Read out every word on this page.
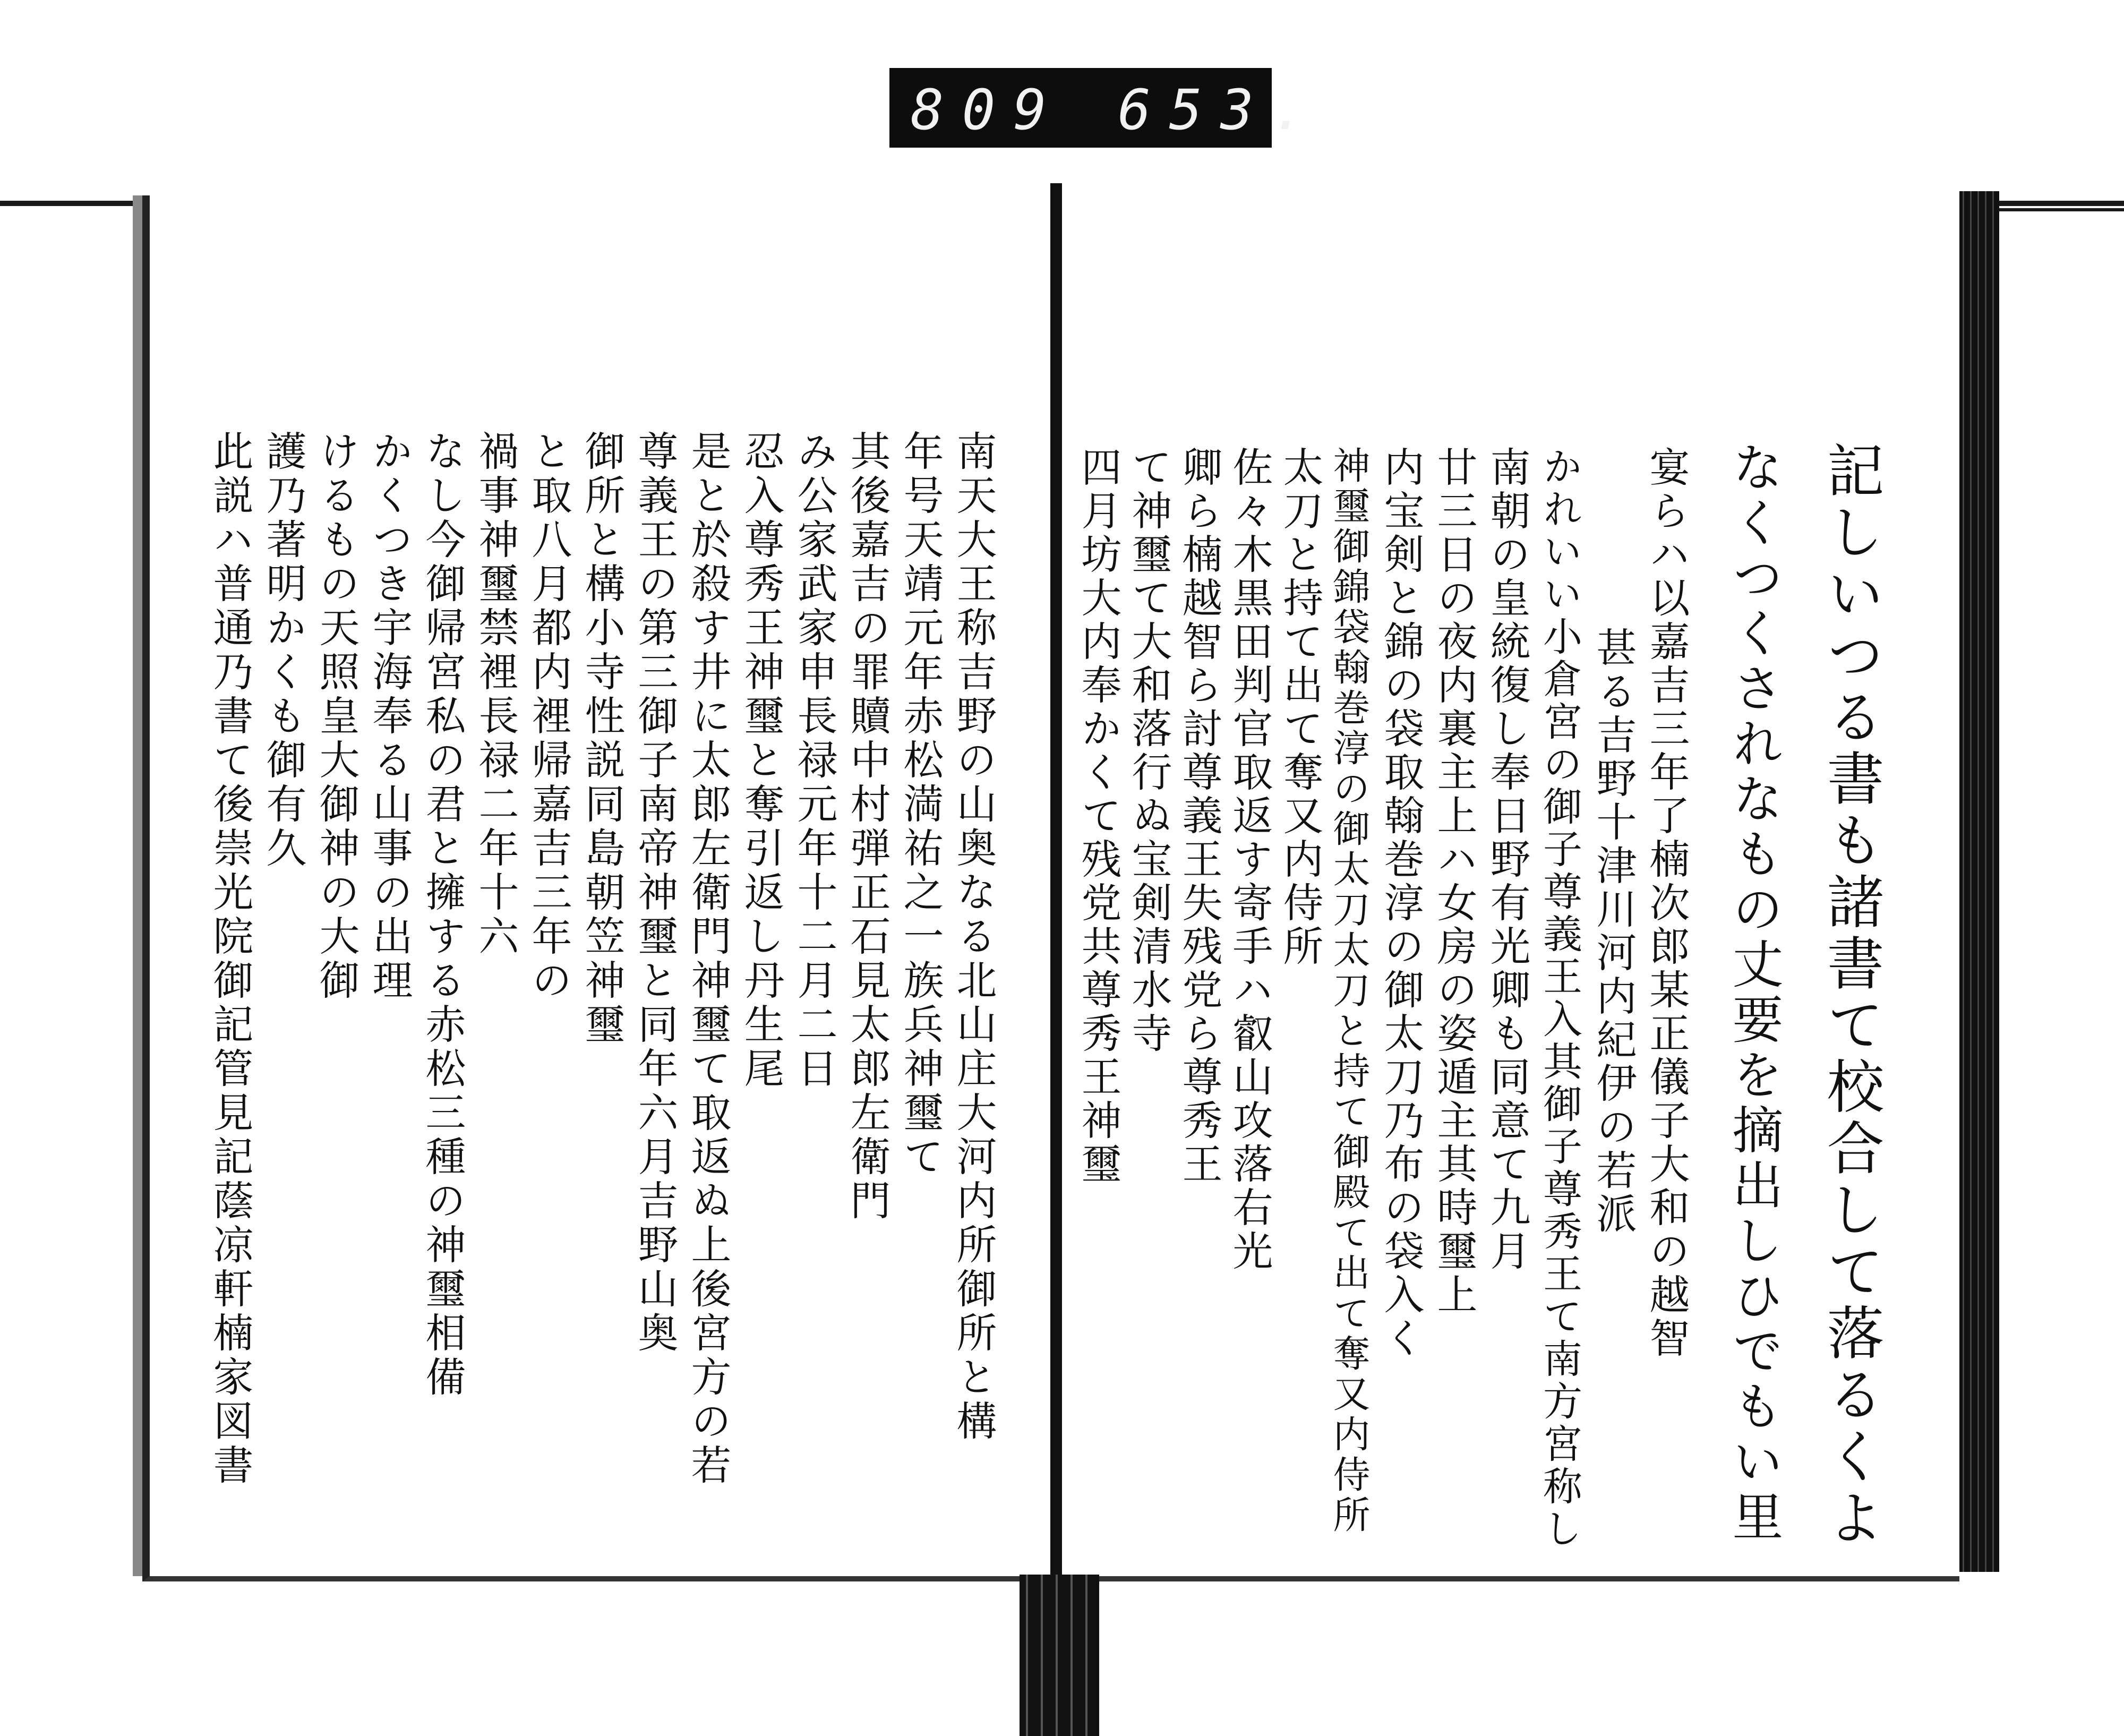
809 653.
記しいつる書も諸書て校合して落るくよ
なくつくされなもの丈要を摘出しひでもい里
宴らハ以嘉吉三年了楠次郎某正儀子大和の越智
甚る吉野十津川河内紀伊の若派
かれいい小倉宮の御子尊義王入其御子尊秀王て南方宮称し
南朝の皇統復し奉日野有光卿も同意て九月
廿三日の夜内裏主上ハ女房の姿遁主其時璽上
内宝剣と錦の袋取翰巻淳の御太刀乃布の袋入く
神璽御錦袋翰巻淳の御太刀太刀と持て御殿て出て奪又内侍所
太刀と持て出て奪又内侍所
佐々木黒田判官取返す寄手ハ叡山攻落右光
卿ら楠越智ら討尊義王失残党ら尊秀王
て神璽て大和落行ぬ宝剣清水寺
四月坊大内奉かくて残党共尊秀王神璽
南天大王称吉野の山奥なる北山庄大河内所御所と構
年号天靖元年赤松満祐之一族兵神璽て
其後嘉吉の罪贖中村弾正石見太郎左衛門
み公家武家申長禄元年十二月二日
忍入尊秀王神璽と奪引返し丹生尾
是と於殺す井に太郎左衛門神璽て取返ぬ上後宮方の若
尊義王の第三御子南帝神璽と同年六月吉野山奥
御所と構小寺性説同島朝笠神璽
と取八月都内裡帰嘉吉三年の
禍事神璽禁裡長禄二年十六
なし今御帰宮私の君と擁する赤松三種の神璽相備
かくつき宇海奉る山事の出理
けるもの天照皇大御神の大御
護乃著明かくも御有久
此説ハ普通乃書て後崇光院御記管見記蔭凉軒楠家図書
